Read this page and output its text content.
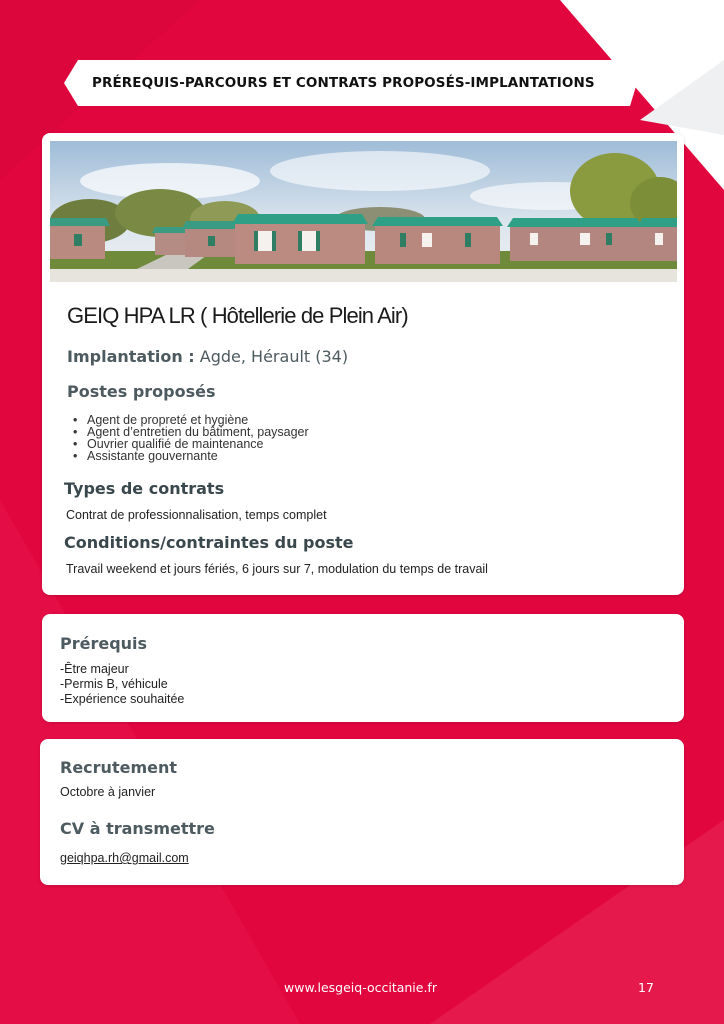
PRÉREQUIS-PARCOURS ET CONTRATS PROPOSÉS-IMPLANTATIONS
GEIQ HPA LR ( Hôtellerie de Plein Air)
Implantation : Agde, Hérault (34)
Postes proposés
• Agent de propreté et hygiène
• Agent d’entretien du bâtiment, paysager
• Ouvrier qualifié de maintenance
• Assistante gouvernante
Types de contrats
Contrat de professionnalisation, temps complet
Conditions/contraintes du poste
Travail weekend et jours fériés, 6 jours sur 7, modulation du temps de travail
Prérequis
-Être majeur
-Permis B, véhicule
-Expérience souhaitée
Recrutement
Octobre à janvier
CV à transmettre
geiqhpa.rh@gmail.com
www.lesgeiq-occitanie.fr	17
